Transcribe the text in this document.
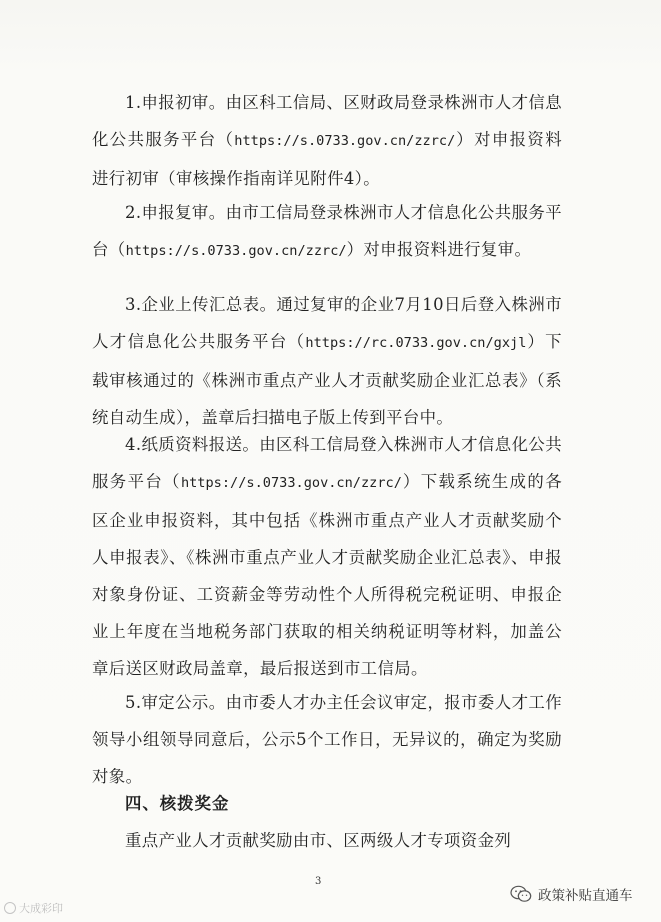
1.申报初审。由区科工信局、区财政局登录株洲市人才信息化公共服务平台（https://s.0733.gov.cn/zzrc/）对申报资料进行初审（审核操作指南详见附件4）。

2.申报复审。由市工信局登录株洲市人才信息化公共服务平台（https://s.0733.gov.cn/zzrc/）对申报资料进行复审。

3.企业上传汇总表。通过复审的企业7月10日后登入株洲市人才信息化公共服务平台（https://rc.0733.gov.cn/gxjl）下载审核通过的《株洲市重点产业人才贡献奖励企业汇总表》（系统自动生成），盖章后扫描电子版上传到平台中。

4.纸质资料报送。由区科工信局登入株洲市人才信息化公共服务平台（https://s.0733.gov.cn/zzrc/）下载系统生成的各区企业申报资料，其中包括《株洲市重点产业人才贡献奖励个人申报表》、《株洲市重点产业人才贡献奖励企业汇总表》、申报对象身份证、工资薪金等劳动性个人所得税完税证明、申报企业上年度在当地税务部门获取的相关纳税证明等材料，加盖公章后送区财政局盖章，最后报送到市工信局。

5.审定公示。由市委人才办主任会议审定，报市委人才工作领导小组领导同意后，公示5个工作日，无异议的，确定为奖励对象。

四、核拨奖金

重点产业人才贡献奖励由市、区两级人才专项资金列

3
大成彩印
政策补贴直通车
